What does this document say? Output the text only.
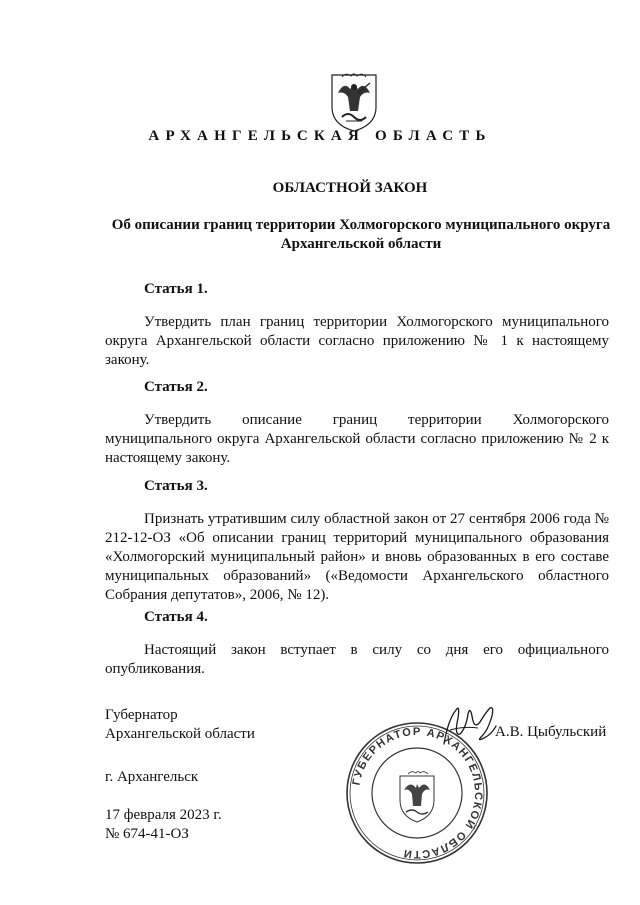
АРХАНГЕЛЬСКАЯ ОБЛАСТЬ
ОБЛАСТНОЙ ЗАКОН
Об описании границ территории Холмогорского муниципального округа
Архангельской области
Статья 1.
Утвердить план границ территории Холмогорского муниципального округа Архангельской области согласно приложению № 1 к настоящему закону.
Статья 2.
Утвердить описание границ территории Холмогорского муниципального округа Архангельской области согласно приложению № 2 к настоящему закону.
Статья 3.
Признать утратившим силу областной закон от 27 сентября 2006 года № 212-12-ОЗ «Об описании границ территорий муниципального образования «Холмогорский муниципальный район» и вновь образованных в его составе муниципальных образований» («Ведомости Архангельского областного Собрания депутатов», 2006, № 12).
Статья 4.
Настоящий закон вступает в силу со дня его официального опубликования.
Губернатор
Архангельской области	А.В. Цыбульский
г. Архангельск
17 февраля 2023 г.
№ 674-41-ОЗ
ГУБЕРНАТОР АРХАНГЕЛЬСКОЙ ОБЛАСТИ
